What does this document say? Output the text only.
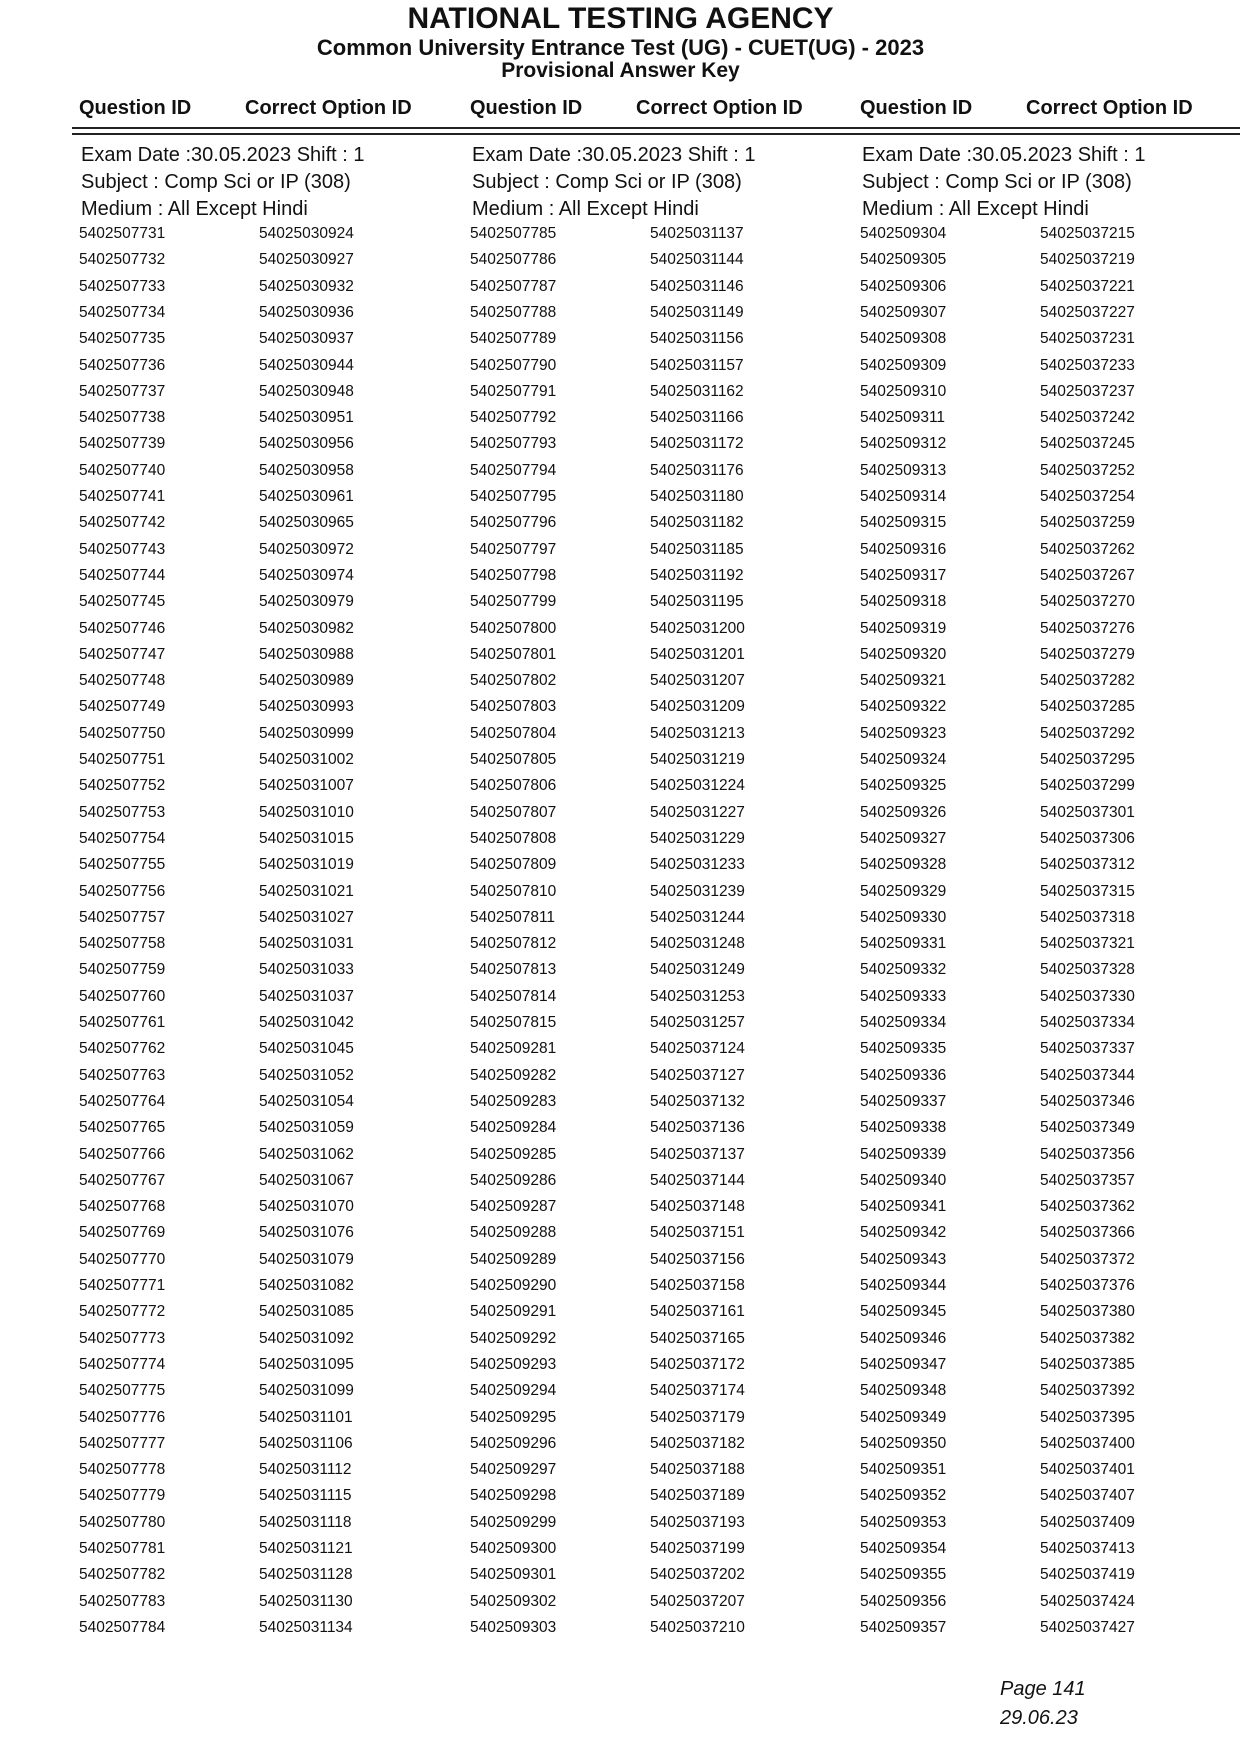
NATIONAL TESTING AGENCY
Common University Entrance Test (UG) - CUET(UG) - 2023
Provisional Answer Key
Question ID	Correct Option ID	Question ID	Correct Option ID	Question ID	Correct Option ID
Exam Date :30.05.2023 Shift : 1
Subject : Comp Sci or IP (308)
Medium : All Except Hindi
5402507731	54025030924
5402507732	54025030927
5402507733	54025030932
5402507734	54025030936
5402507735	54025030937
5402507736	54025030944
5402507737	54025030948
5402507738	54025030951
5402507739	54025030956
5402507740	54025030958
5402507741	54025030961
5402507742	54025030965
5402507743	54025030972
5402507744	54025030974
5402507745	54025030979
5402507746	54025030982
5402507747	54025030988
5402507748	54025030989
5402507749	54025030993
5402507750	54025030999
5402507751	54025031002
5402507752	54025031007
5402507753	54025031010
5402507754	54025031015
5402507755	54025031019
5402507756	54025031021
5402507757	54025031027
5402507758	54025031031
5402507759	54025031033
5402507760	54025031037
5402507761	54025031042
5402507762	54025031045
5402507763	54025031052
5402507764	54025031054
5402507765	54025031059
5402507766	54025031062
5402507767	54025031067
5402507768	54025031070
5402507769	54025031076
5402507770	54025031079
5402507771	54025031082
5402507772	54025031085
5402507773	54025031092
5402507774	54025031095
5402507775	54025031099
5402507776	54025031101
5402507777	54025031106
5402507778	54025031112
5402507779	54025031115
5402507780	54025031118
5402507781	54025031121
5402507782	54025031128
5402507783	54025031130
5402507784	54025031134
Exam Date :30.05.2023 Shift : 1
Subject : Comp Sci or IP (308)
Medium : All Except Hindi
5402507785	54025031137
5402507786	54025031144
5402507787	54025031146
5402507788	54025031149
5402507789	54025031156
5402507790	54025031157
5402507791	54025031162
5402507792	54025031166
5402507793	54025031172
5402507794	54025031176
5402507795	54025031180
5402507796	54025031182
5402507797	54025031185
5402507798	54025031192
5402507799	54025031195
5402507800	54025031200
5402507801	54025031201
5402507802	54025031207
5402507803	54025031209
5402507804	54025031213
5402507805	54025031219
5402507806	54025031224
5402507807	54025031227
5402507808	54025031229
5402507809	54025031233
5402507810	54025031239
5402507811	54025031244
5402507812	54025031248
5402507813	54025031249
5402507814	54025031253
5402507815	54025031257
5402509281	54025037124
5402509282	54025037127
5402509283	54025037132
5402509284	54025037136
5402509285	54025037137
5402509286	54025037144
5402509287	54025037148
5402509288	54025037151
5402509289	54025037156
5402509290	54025037158
5402509291	54025037161
5402509292	54025037165
5402509293	54025037172
5402509294	54025037174
5402509295	54025037179
5402509296	54025037182
5402509297	54025037188
5402509298	54025037189
5402509299	54025037193
5402509300	54025037199
5402509301	54025037202
5402509302	54025037207
5402509303	54025037210
Exam Date :30.05.2023 Shift : 1
Subject : Comp Sci or IP (308)
Medium : All Except Hindi
5402509304	54025037215
5402509305	54025037219
5402509306	54025037221
5402509307	54025037227
5402509308	54025037231
5402509309	54025037233
5402509310	54025037237
5402509311	54025037242
5402509312	54025037245
5402509313	54025037252
5402509314	54025037254
5402509315	54025037259
5402509316	54025037262
5402509317	54025037267
5402509318	54025037270
5402509319	54025037276
5402509320	54025037279
5402509321	54025037282
5402509322	54025037285
5402509323	54025037292
5402509324	54025037295
5402509325	54025037299
5402509326	54025037301
5402509327	54025037306
5402509328	54025037312
5402509329	54025037315
5402509330	54025037318
5402509331	54025037321
5402509332	54025037328
5402509333	54025037330
5402509334	54025037334
5402509335	54025037337
5402509336	54025037344
5402509337	54025037346
5402509338	54025037349
5402509339	54025037356
5402509340	54025037357
5402509341	54025037362
5402509342	54025037366
5402509343	54025037372
5402509344	54025037376
5402509345	54025037380
5402509346	54025037382
5402509347	54025037385
5402509348	54025037392
5402509349	54025037395
5402509350	54025037400
5402509351	54025037401
5402509352	54025037407
5402509353	54025037409
5402509354	54025037413
5402509355	54025037419
5402509356	54025037424
5402509357	54025037427
Page 141
29.06.23
